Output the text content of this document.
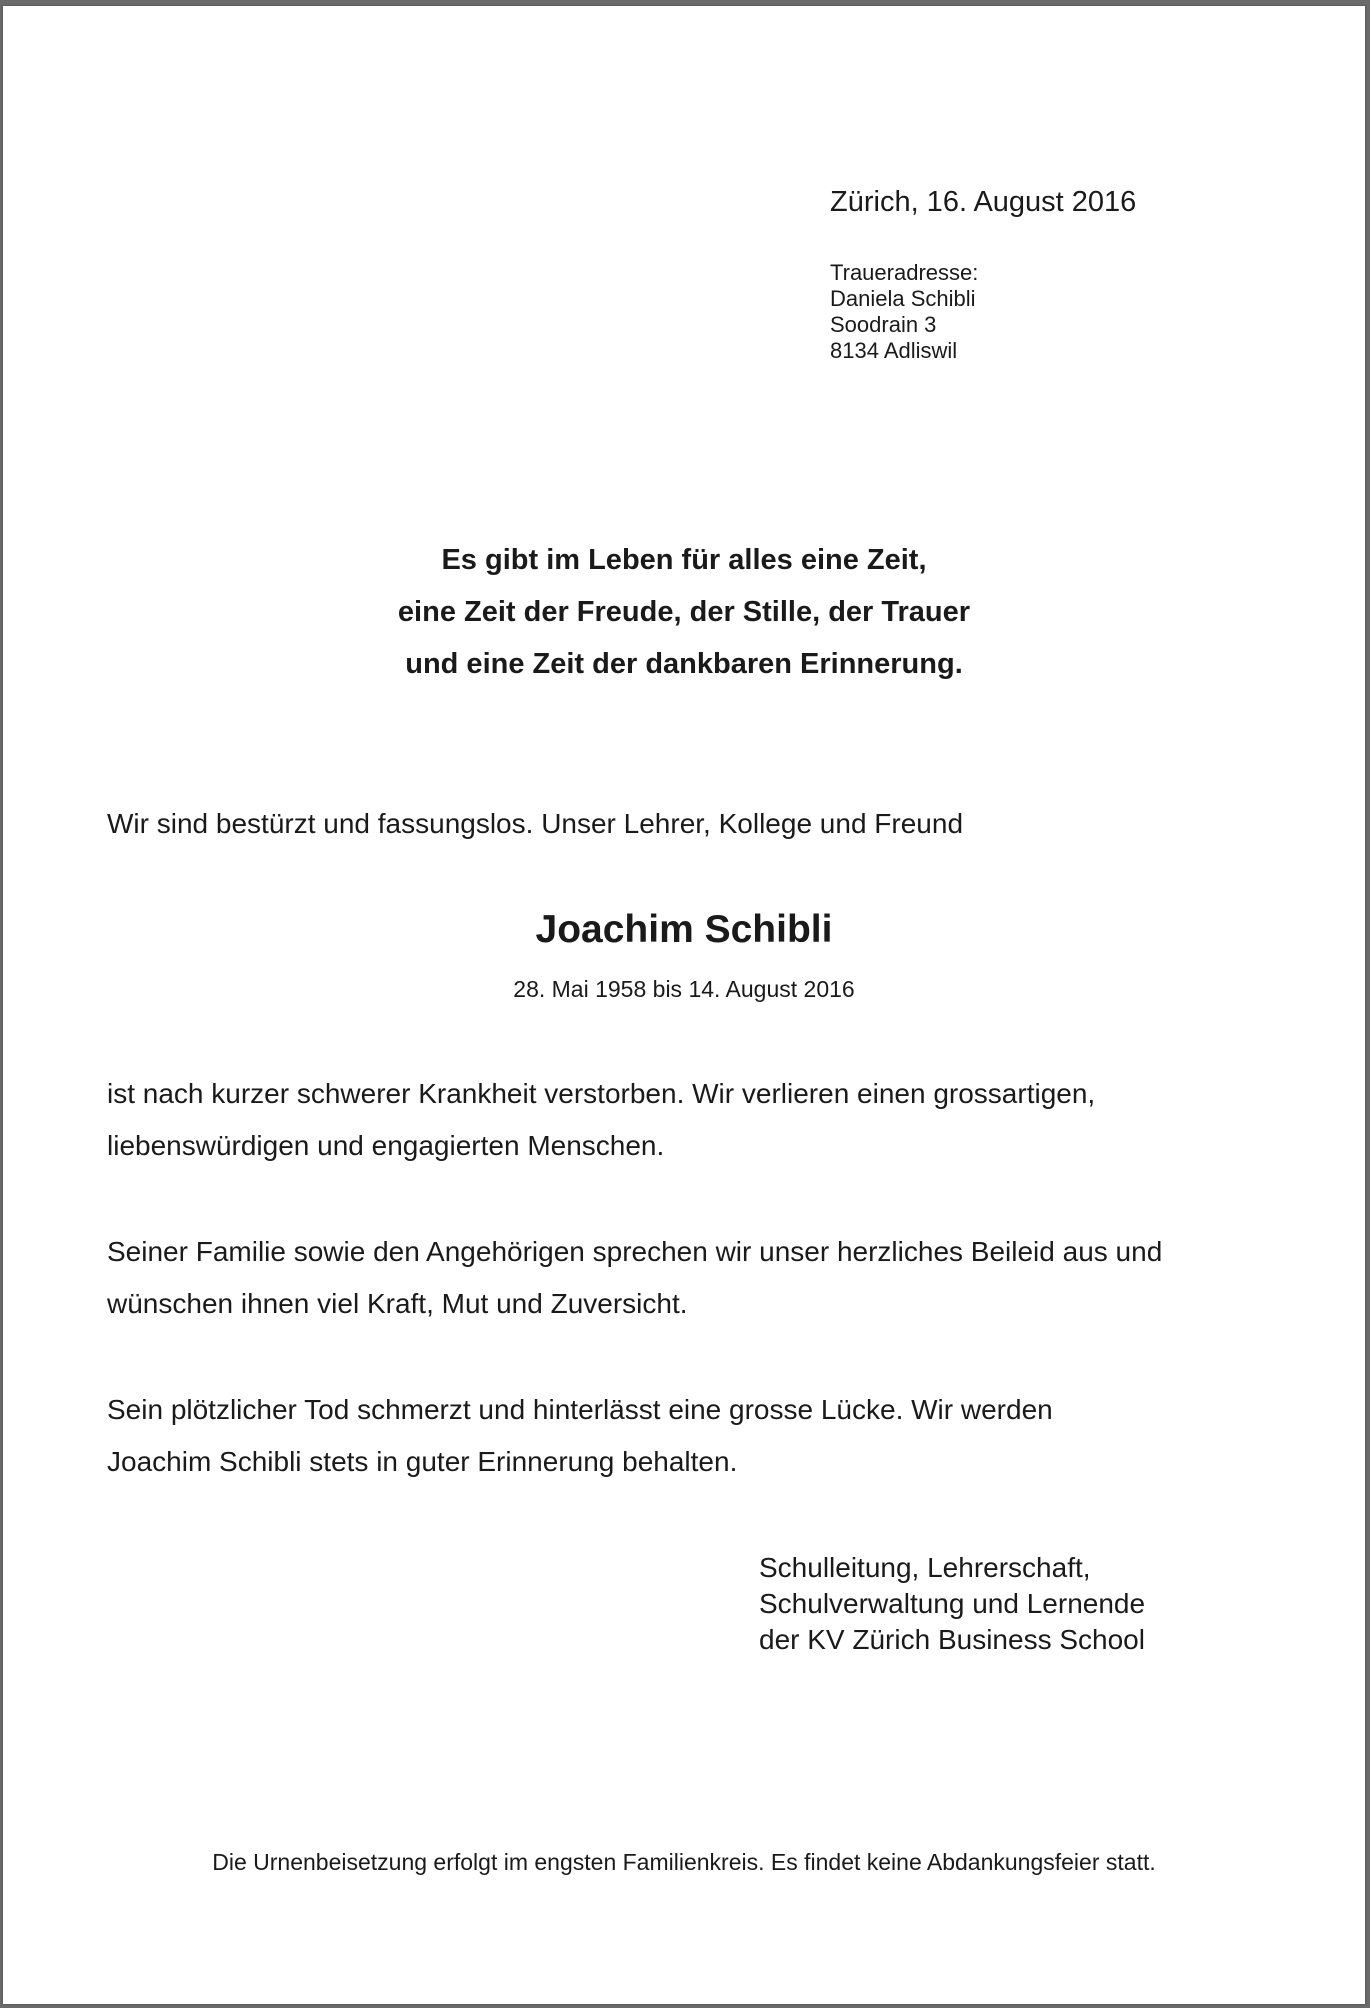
Zürich, 16. August 2016

Traueradresse:
Daniela Schibli
Soodrain 3
8134 Adliswil
Es gibt im Leben für alles eine Zeit,
eine Zeit der Freude, der Stille, der Trauer
und eine Zeit der dankbaren Erinnerung.

Wir sind bestürzt und fassungslos. Unser Lehrer, Kollege und Freund

Joachim Schibli

28. Mai 1958 bis 14. August 2016

ist nach kurzer schwerer Krankheit verstorben. Wir verlieren einen grossartigen,
liebenswürdigen und engagierten Menschen.
Seiner Familie sowie den Angehörigen sprechen wir unser herzliches Beileid aus und
wünschen ihnen viel Kraft, Mut und Zuversicht.
Sein plötzlicher Tod schmerzt und hinterlässt eine grosse Lücke. Wir werden
Joachim Schibli stets in guter Erinnerung behalten.
Schulleitung, Lehrerschaft,
Schulverwaltung und Lernende
der KV Zürich Business School

Die Urnenbeisetzung erfolgt im engsten Familienkreis. Es findet keine Abdankungsfeier statt.
